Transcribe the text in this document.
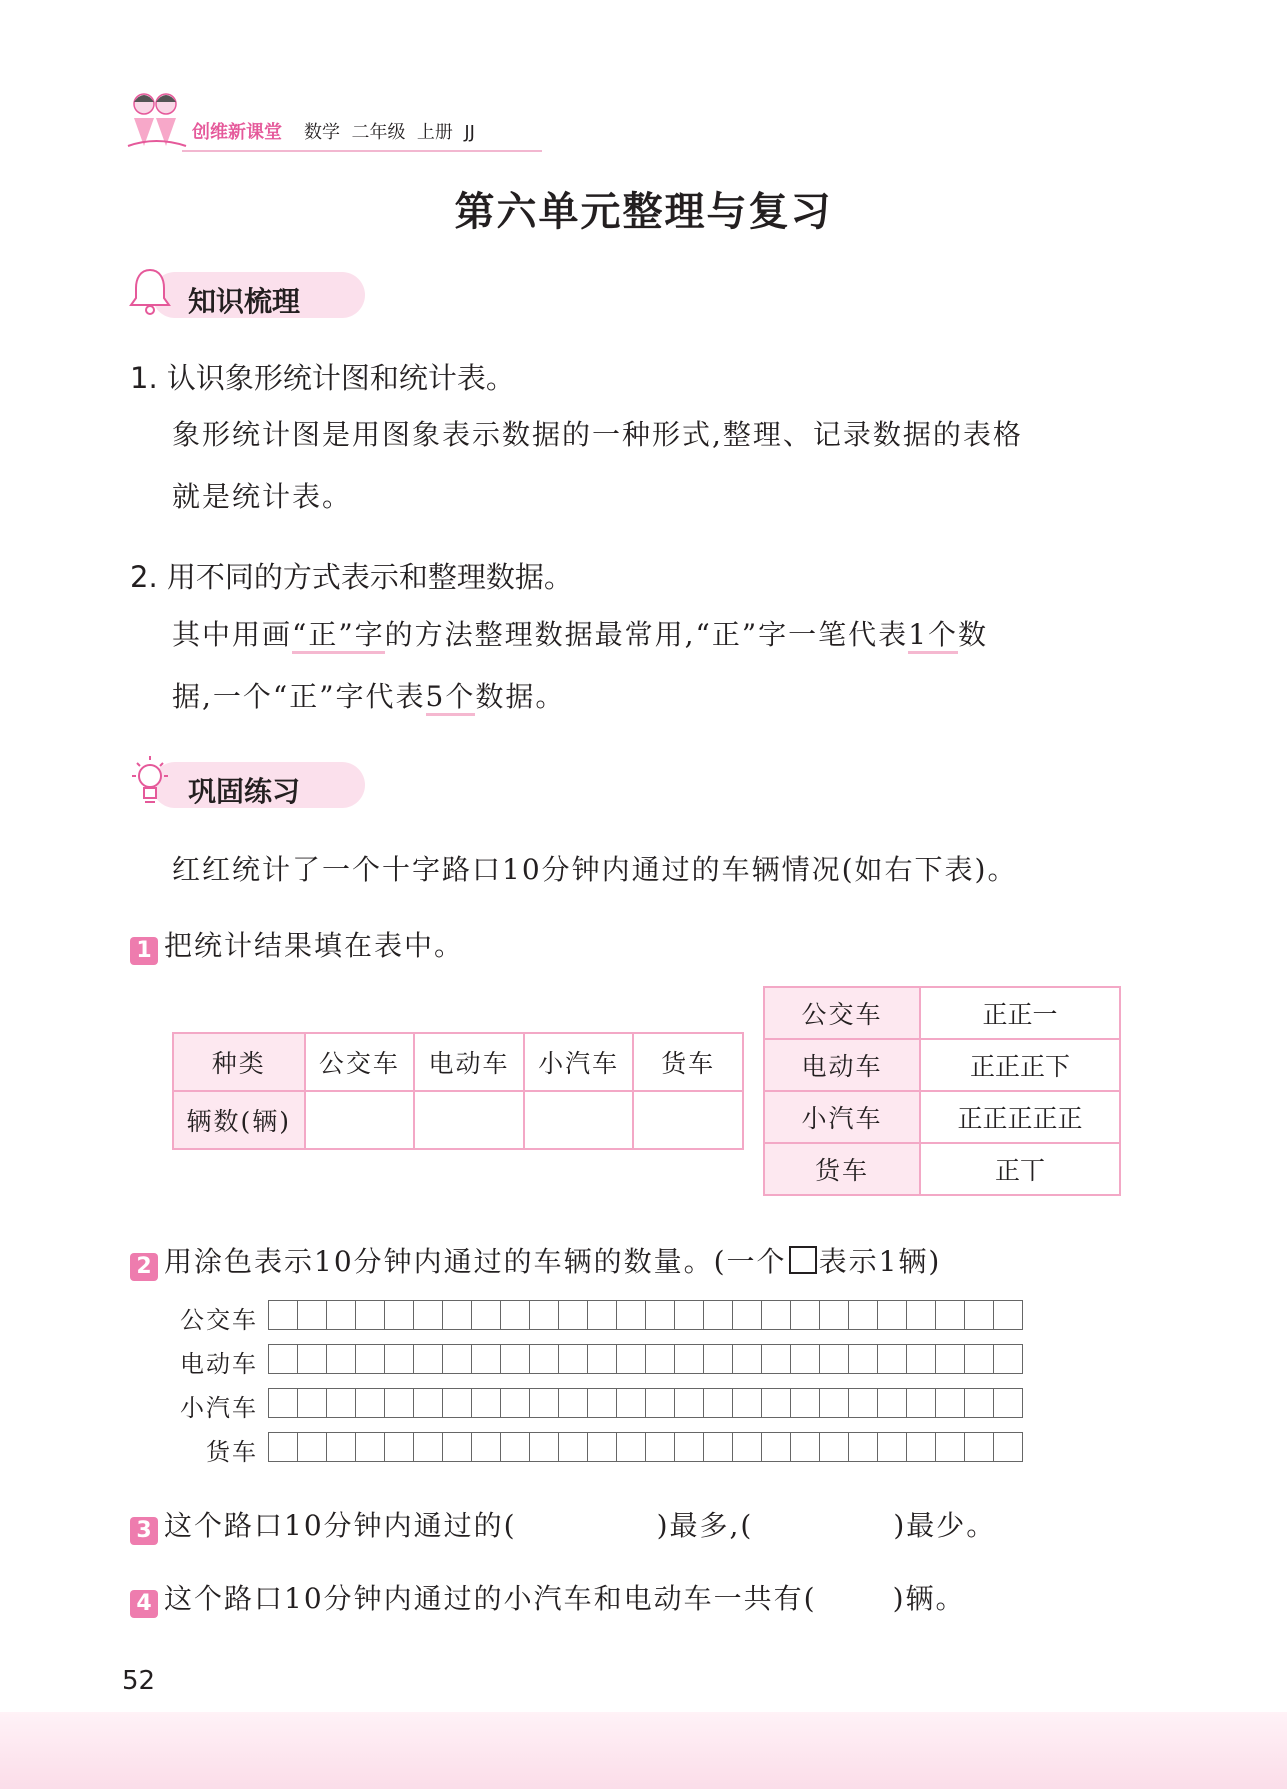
创维新课堂 数学  二年级  上册  JJ
第六单元整理与复习
知识梳理
1. 认识象形统计图和统计表。
象形统计图是用图象表示数据的一种形式,整理、记录数据的表格
就是统计表。
2. 用不同的方式表示和整理数据。
其中用画“正”字的方法整理数据最常用,“正”字一笔代表1个数
据,一个“正”字代表5个数据。
巩固练习
红红统计了一个十字路口10分钟内通过的车辆情况(如右下表)。
1 把统计结果填在表中。
种类	公交车	电动车	小汽车	货车
辆数(辆)				
公交车	正正一
电动车	正正正下
小汽车	正正正正正
货车	正丅
2 用涂色表示10分钟内通过的车辆的数量。(一个 表示1辆)
公交车
电动车
小汽车
货车
3 这个路口10分钟内通过的(	)最多,(	)最少。
4 这个路口10分钟内通过的小汽车和电动车一共有(	)辆。
52
